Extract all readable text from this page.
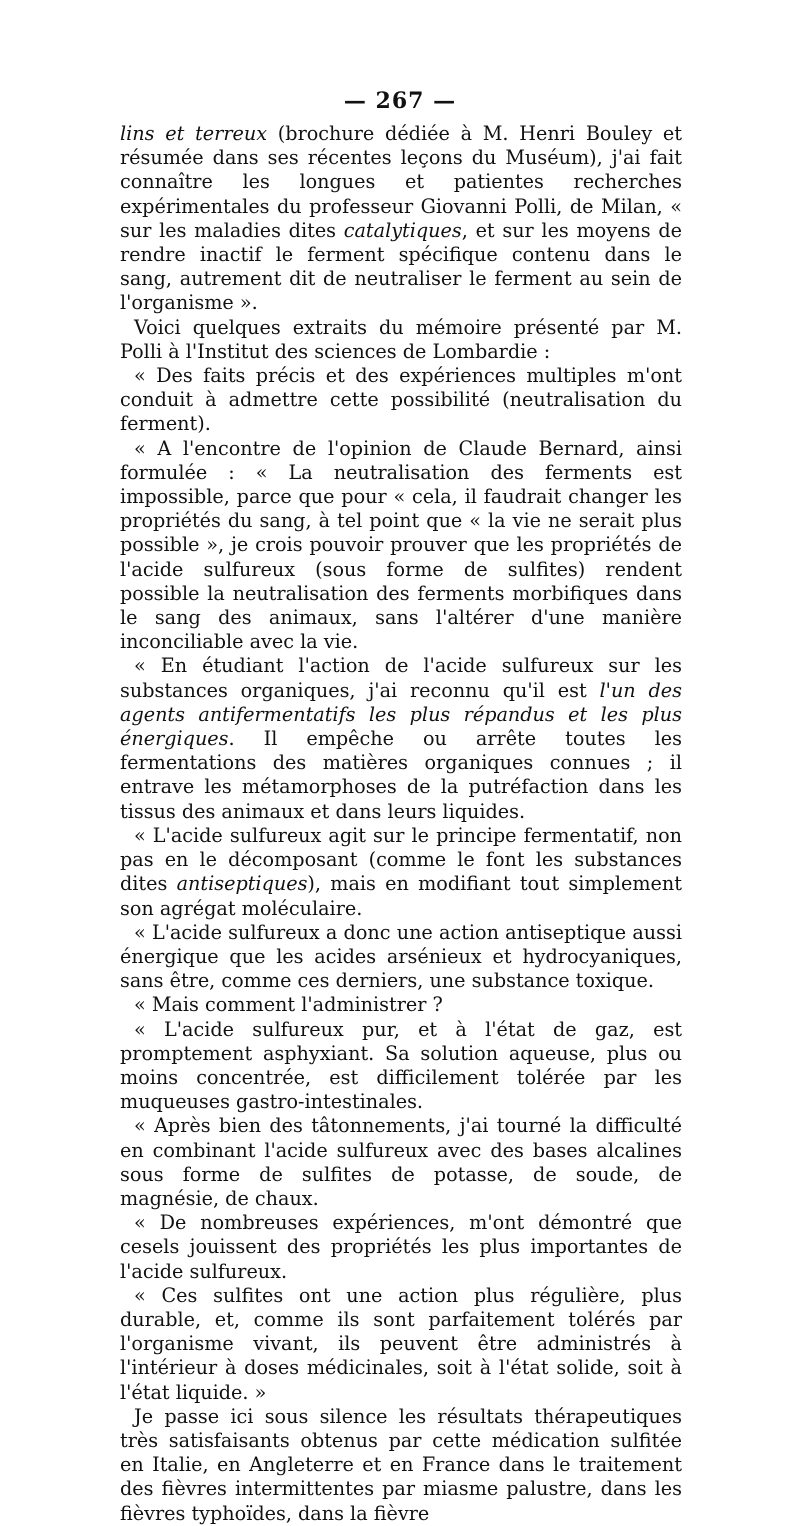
— 267 —

lins et terreux (brochure dédiée à M. Henri Bouley et résumée dans ses récentes leçons du Muséum), j'ai fait connaître les longues et patientes recherches expérimentales du professeur Giovanni Polli, de Milan, « sur les maladies dites catalytiques, et sur les moyens de rendre inactif le ferment spécifique contenu dans le sang, autrement dit de neutraliser le ferment au sein de l'organisme ».

Voici quelques extraits du mémoire présenté par M. Polli à l'Institut des sciences de Lombardie :

« Des faits précis et des expériences multiples m'ont conduit à admettre cette possibilité (neutralisation du ferment).

« A l'encontre de l'opinion de Claude Bernard, ainsi formulée : « La neutralisation des ferments est impossible, parce que pour « cela, il faudrait changer les propriétés du sang, à tel point que « la vie ne serait plus possible », je crois pouvoir prouver que les propriétés de l'acide sulfureux (sous forme de sulfites) rendent possible la neutralisation des ferments morbifiques dans le sang des animaux, sans l'altérer d'une manière inconciliable avec la vie.

« En étudiant l'action de l'acide sulfureux sur les substances organiques, j'ai reconnu qu'il est l'un des agents antifermentatifs les plus répandus et les plus énergiques. Il empêche ou arrête toutes les fermentations des matières organiques connues ; il entrave les métamorphoses de la putréfaction dans les tissus des animaux et dans leurs liquides.

« L'acide sulfureux agit sur le principe fermentatif, non pas en le décomposant (comme le font les substances dites antiseptiques), mais en modifiant tout simplement son agrégat moléculaire.

« L'acide sulfureux a donc une action antiseptique aussi énergique que les acides arsénieux et hydrocyaniques, sans être, comme ces derniers, une substance toxique.

« Mais comment l'administrer ?

« L'acide sulfureux pur, et à l'état de gaz, est promptement asphyxiant. Sa solution aqueuse, plus ou moins concentrée, est difficilement tolérée par les muqueuses gastro-intestinales.

« Après bien des tâtonnements, j'ai tourné la difficulté en combinant l'acide sulfureux avec des bases alcalines sous forme de sulfites de potasse, de soude, de magnésie, de chaux.

« De nombreuses expériences, m'ont démontré que cesels jouissent des propriétés les plus importantes de l'acide sulfureux.

« Ces sulfites ont une action plus régulière, plus durable, et, comme ils sont parfaitement tolérés par l'organisme vivant, ils peuvent être administrés à l'intérieur à doses médicinales, soit à l'état solide, soit à l'état liquide. »

Je passe ici sous silence les résultats thérapeutiques très satisfaisants obtenus par cette médication sulfitée en Italie, en Angleterre et en France dans le traitement des fièvres intermittentes par miasme palustre, dans les fièvres typhoïdes, dans la fièvre
